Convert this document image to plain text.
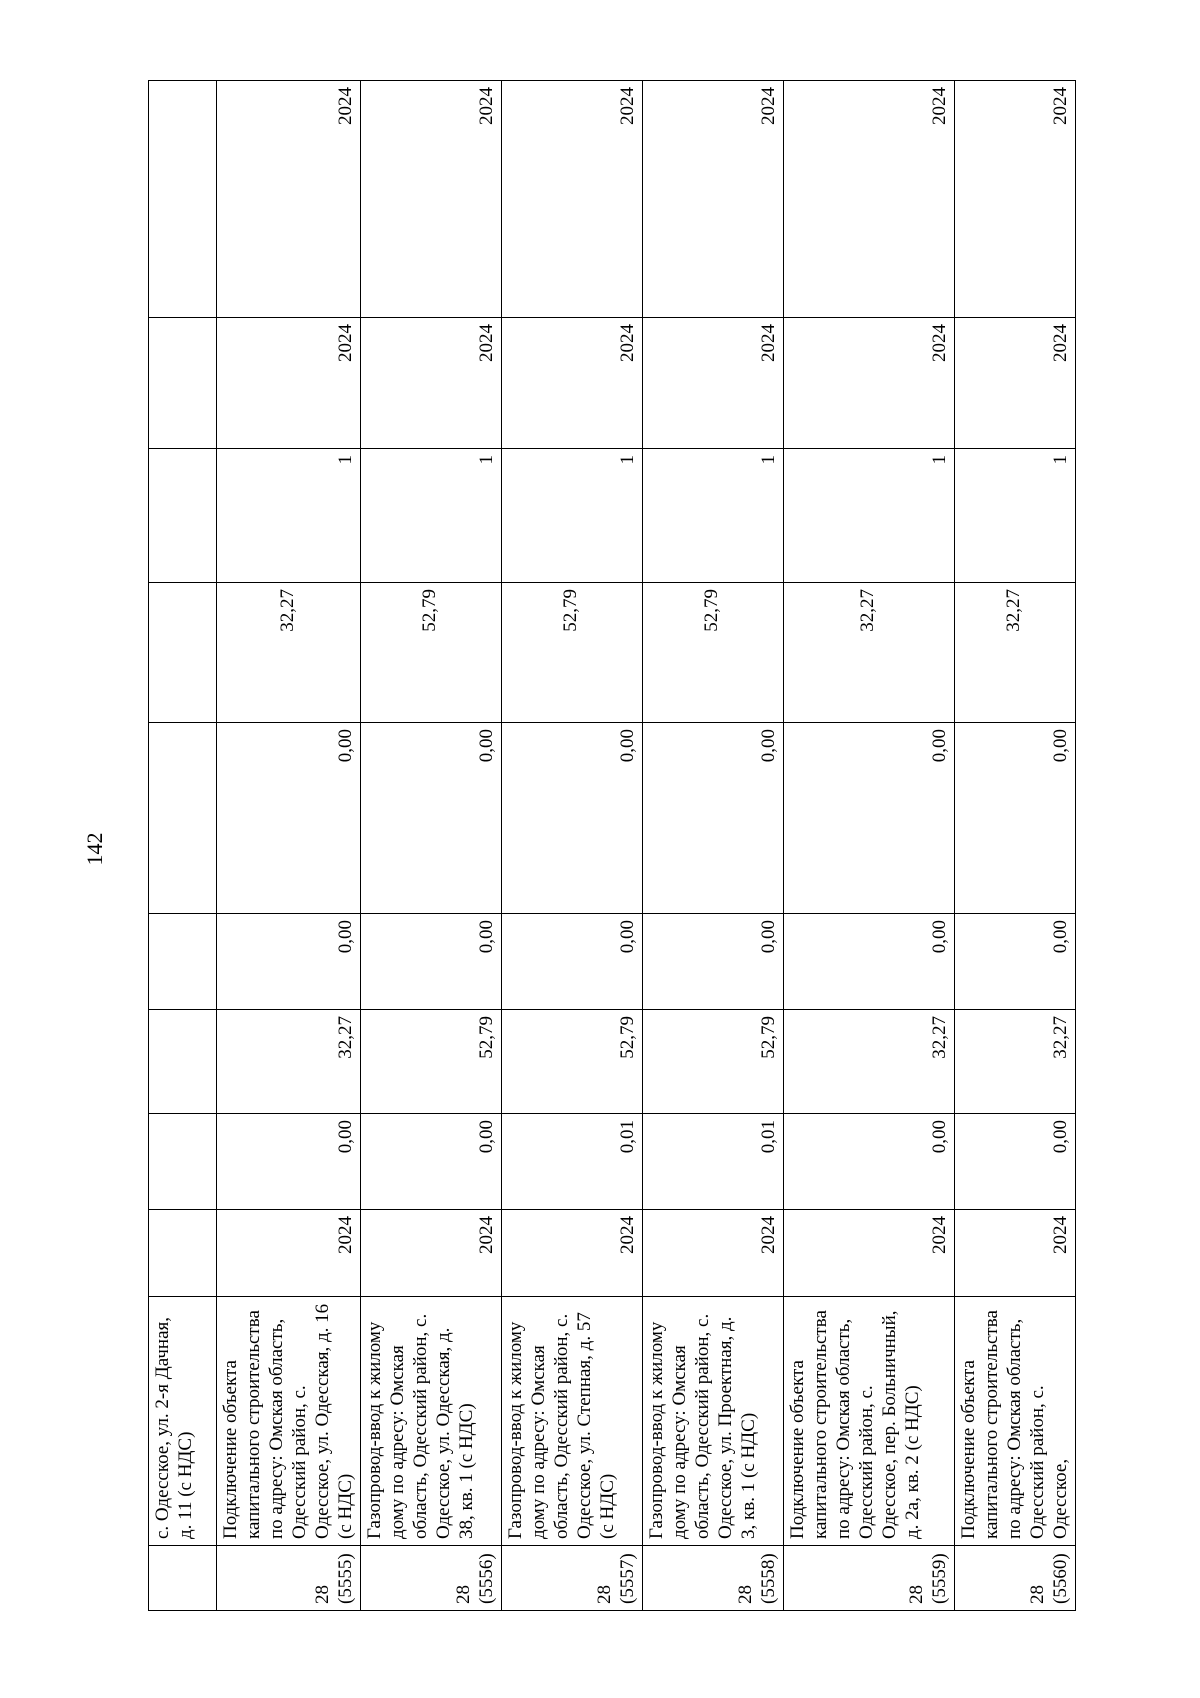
142
	с. Одесское, ул. 2-я Дачная, д. 11 (с НДС)									
28 (5555)	Подключение объекта капитального строительства по адресу: Омская область, Одесский район, с. Одесское, ул. Одесская, д. 16 (с НДС)	2024	0,00	32,27	0,00	0,00	32,27	1	2024	2024
28 (5556)	Газопровод-ввод к жилому дому по адресу: Омская область, Одесский район, с. Одесское, ул. Одесская, д. 38, кв. 1 (с НДС)	2024	0,00	52,79	0,00	0,00	52,79	1	2024	2024
28 (5557)	Газопровод-ввод к жилому дому по адресу: Омская область, Одесский район, с. Одесское, ул. Степная, д. 57 (с НДС)	2024	0,01	52,79	0,00	0,00	52,79	1	2024	2024
28 (5558)	Газопровод-ввод к жилому дому по адресу: Омская область, Одесский район, с. Одесское, ул. Проектная, д. 3, кв. 1 (с НДС)	2024	0,01	52,79	0,00	0,00	52,79	1	2024	2024
28 (5559)	Подключение объекта капитального строительства по адресу: Омская область, Одесский район, с. Одесское, пер. Больничный, д. 2а, кв. 2 (с НДС)	2024	0,00	32,27	0,00	0,00	32,27	1	2024	2024
28 (5560)	Подключение объекта капитального строительства по адресу: Омская область, Одесский район, с. Одесское,	2024	0,00	32,27	0,00	0,00	32,27	1	2024	2024
